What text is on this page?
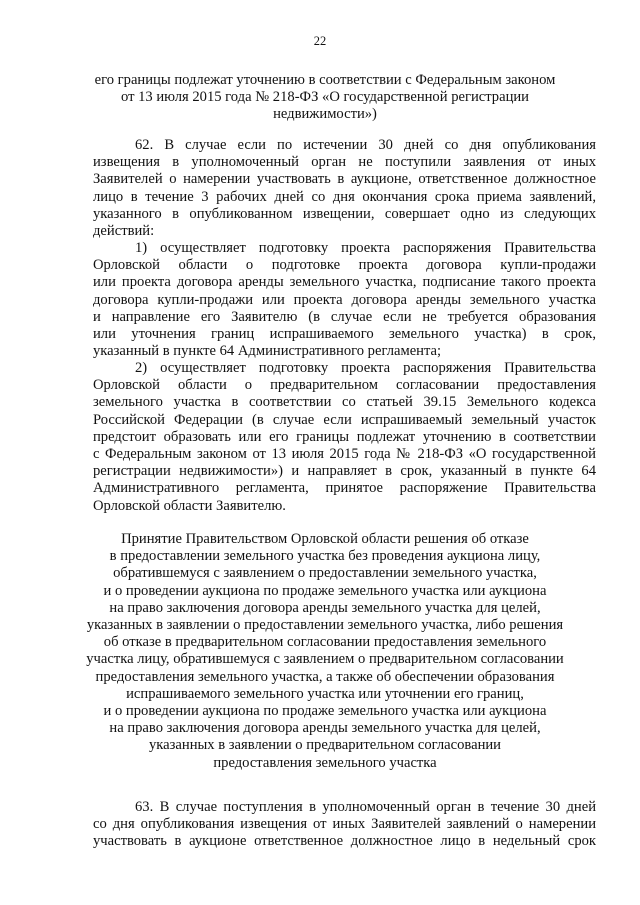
22
его границы подлежат уточнению в соответствии с Федеральным законом
от 13 июля 2015 года № 218-ФЗ «О государственной регистрации
недвижимости»)
62. В случае если по истечении 30 дней со дня опубликования
извещения в уполномоченный орган не поступили заявления от иных
Заявителей о намерении участвовать в аукционе, ответственное должностное
лицо в течение 3 рабочих дней со дня окончания срока приема заявлений,
указанного в опубликованном извещении, совершает одно из следующих
действий:
1) осуществляет подготовку проекта распоряжения Правительства
Орловской области о подготовке проекта договора купли-продажи
или проекта договора аренды земельного участка, подписание такого проекта
договора купли-продажи или проекта договора аренды земельного участка
и направление его Заявителю (в случае если не требуется образования
или уточнения границ испрашиваемого земельного участка) в срок,
указанный в пункте 64 Административного регламента;
2) осуществляет подготовку проекта распоряжения Правительства
Орловской области о предварительном согласовании предоставления
земельного участка в соответствии со статьей 39.15 Земельного кодекса
Российской Федерации (в случае если испрашиваемый земельный участок
предстоит образовать или его границы подлежат уточнению в соответствии
с Федеральным законом от 13 июля 2015 года № 218-ФЗ «О государственной
регистрации недвижимости») и направляет в срок, указанный в пункте 64
Административного регламента, принятое распоряжение Правительства
Орловской области Заявителю.
Принятие Правительством Орловской области решения об отказе
в предоставлении земельного участка без проведения аукциона лицу,
обратившемуся с заявлением о предоставлении земельного участка,
и о проведении аукциона по продаже земельного участка или аукциона
на право заключения договора аренды земельного участка для целей,
указанных в заявлении о предоставлении земельного участка, либо решения
об отказе в предварительном согласовании предоставления земельного
участка лицу, обратившемуся с заявлением о предварительном согласовании
предоставления земельного участка, а также об обеспечении образования
испрашиваемого земельного участка или уточнении его границ,
и о проведении аукциона по продаже земельного участка или аукциона
на право заключения договора аренды земельного участка для целей,
указанных в заявлении о предварительном согласовании
предоставления земельного участка
63. В случае поступления в уполномоченный орган в течение 30 дней
со дня опубликования извещения от иных Заявителей заявлений о намерении
участвовать в аукционе ответственное должностное лицо в недельный срок
